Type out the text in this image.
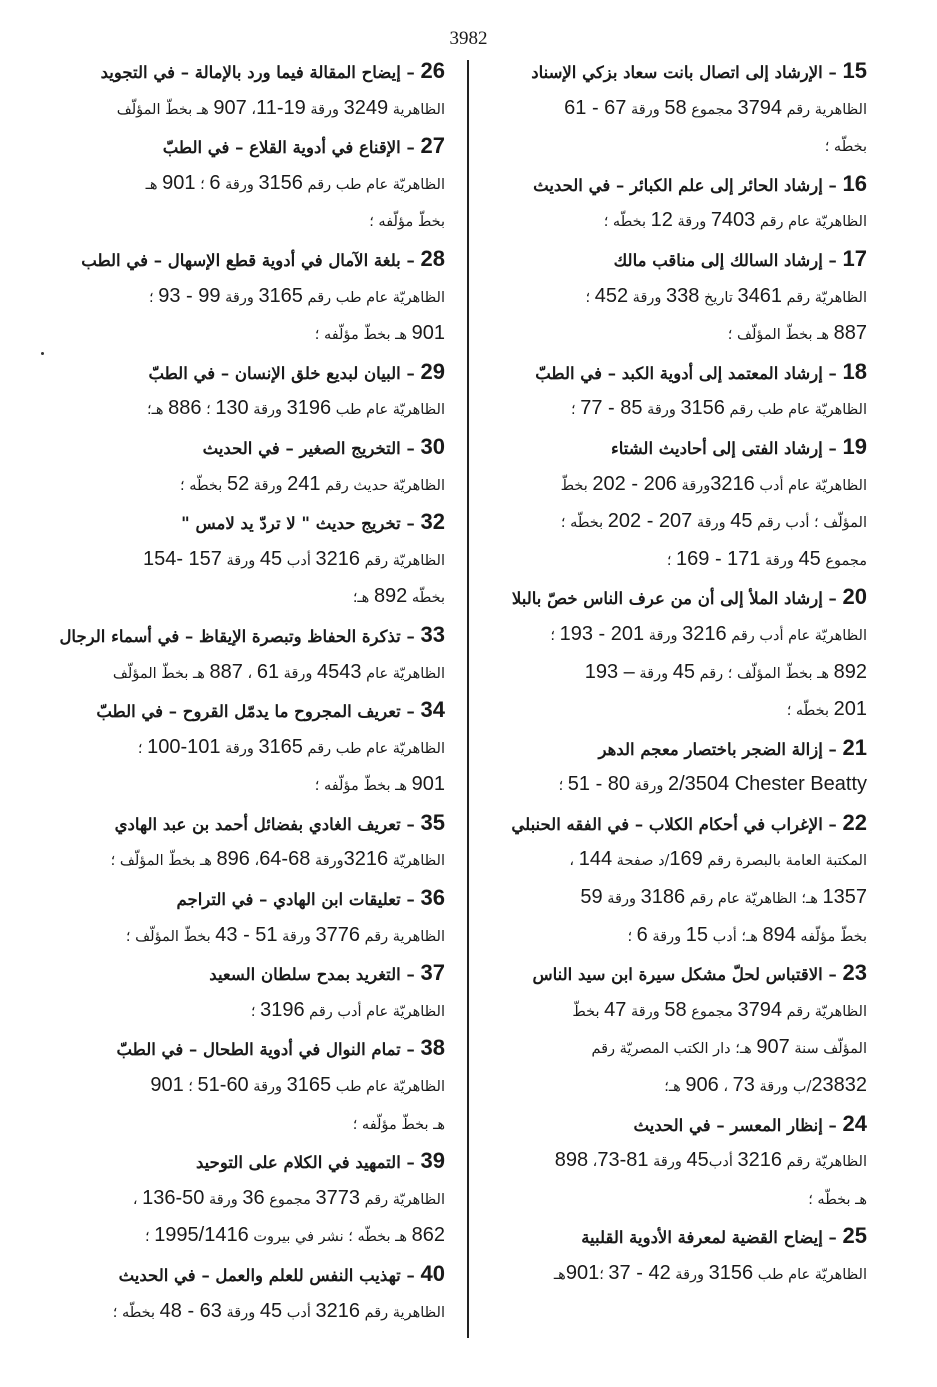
3982
15 – الإرشاد إلى اتصال بانت سعاد بزكي الإسناد
الظاهرية رقم 3794 مجموع 58 ورقة 61 - 67
بخطّه ؛
16 – إرشاد الحائر إلى علم الكبائر – في الحديث
الظاهريّة عام رقم 7403 ورقة 12 بخطّه ؛
17 – إرشاد السالك إلى مناقب مالك
الظاهريّة رقم 3461 تاريخ 338 ورقة 452 ؛
887 هـ بخطّ المؤلّف ؛
18 – إرشاد المعتمد إلى أدوية الكبد – في الطبّ
الظاهريّة عام طب رقم 3156 ورقة 77 - 85 ؛
19 – إرشاد الفتى إلى أحاديث الشتاء
الظاهريّة عام أدب 3216ورقة 202 - 206 بخطّ
المؤلّف ؛ أدب رقم 45 ورقة 202 - 207 بخطّه ؛
مجموع 45 ورقة 169 - 171 ؛
20 – إرشاد الملأ إلى أن من عرف الناس خصّ بالبلا
الظاهريّة عام أدب رقم 3216 ورقة 193 - 201 ؛
892 هـ بخطّ المؤلّف ؛ رقم 45 ورقة 193 –
201 بخطّه ؛
21 – إزالة الضجر باختصار معجم الدهر
2/3504 Chester Beatty ورقة 51 - 80 ؛
22 – الإغراب في أحكام الكلاب – في الفقه الحنبلي
المكتبة العامة بالبصرة رقم 169/د صفحة 144 ،
1357 هـ؛ الظاهريّة عام رقم 3186 ورقة 59
بخطّ مؤلّفه 894 هـ؛ أدب 15 ورقة 6 ؛
23 – الاقتباس لحلّ مشكل سيرة ابن سيد الناس
الظاهريّة رقم 3794 مجموع 58 ورقة 47 بخطّ
المؤلّف سنة 907 هـ؛ دار الكتب المصريّة رقم
23832/ب ورقة 73 ، 906 هـ؛
24 – إنظار المعسر – في الحديث
الظاهريّة رقم 3216 أدب45 ورقة 73-81، 898
هـ بخطّه ؛
25 – إيضاح القضية لمعرفة الأدوية القلبية
الظاهريّة عام طب 3156 ورقة 37 - 42 ؛901هـ
26 – إيضاح المقالة فيما ورد بالإمالة – في التجويد
الظاهرية 3249 ورقة 11-19، 907 هـ بخطّ المؤلّف
27 – الإقناع في أدوية القلاع – في الطبّ
الظاهريّة عام طب رقم 3156 ورقة 6 ؛ 901 هـ
بخطّ مؤلّفه ؛
28 – بلغة الآمال في أدوية قطع الإسهال – في الطب
الظاهريّة عام طب رقم 3165 ورقة 93 - 99 ؛
901 هـ بخطّ مؤلّفه ؛
29 – البيان لبديع خلق الإنسان – في الطبّ
الظاهريّة عام طب 3196 ورقة 130 ؛ 886 هـ؛
30 – التخريج الصغير – في الحديث
الظاهريّة حديث رقم 241 ورقة 52 بخطّه ؛
32 – تخريج حديث " لا تردّ يد لامس "
الظاهريّة رقم 3216 أدب 45 ورقة 154- 157
بخطّه 892 هـ؛
33 – تذكرة الحفاظ وتبصرة الإيقاظ – في أسماء الرجال
الظاهريّة عام 4543 ورقة 61 ، 887 هـ بخطّ المؤلّف
34 – تعريف المجروح ما يدمّل القروح – في الطبّ
الظاهريّة عام طب رقم 3165 ورقة 100-101 ؛
901 هـ بخطّ مؤلّفه ؛
35 – تعريف الغادي بفضائل أحمد بن عبد الهادي
الظاهريّة 3216ورقة 64-68، 896 هـ بخطّ المؤلّف ؛
36 – تعليقات ابن الهادي – في التراجم
الظاهرية رقم 3776 ورقة 43 - 51 بخطّ المؤلّف ؛
37 – التغريد بمدح سلطان السعيد
الظاهريّة عام أدب رقم 3196 ؛
38 – تمام النوال في أدوية الطحال – في الطبّ
الظاهريّة عام طب 3165 ورقة 51-60 ؛ 901
هـ بخطّ مؤلّفه ؛
39 – التمهيد في الكلام على التوحيد
الظاهريّة رقم 3773 مجموع 36 ورقة 136-50 ،
862 هـ بخطّه ؛ نشر في بيروت 1995/1416 ؛
40 – تهذيب النفس للعلم والعمل – في الحديث
الظاهرية رقم 3216 أدب 45 ورقة 48 - 63 بخطّه ؛
